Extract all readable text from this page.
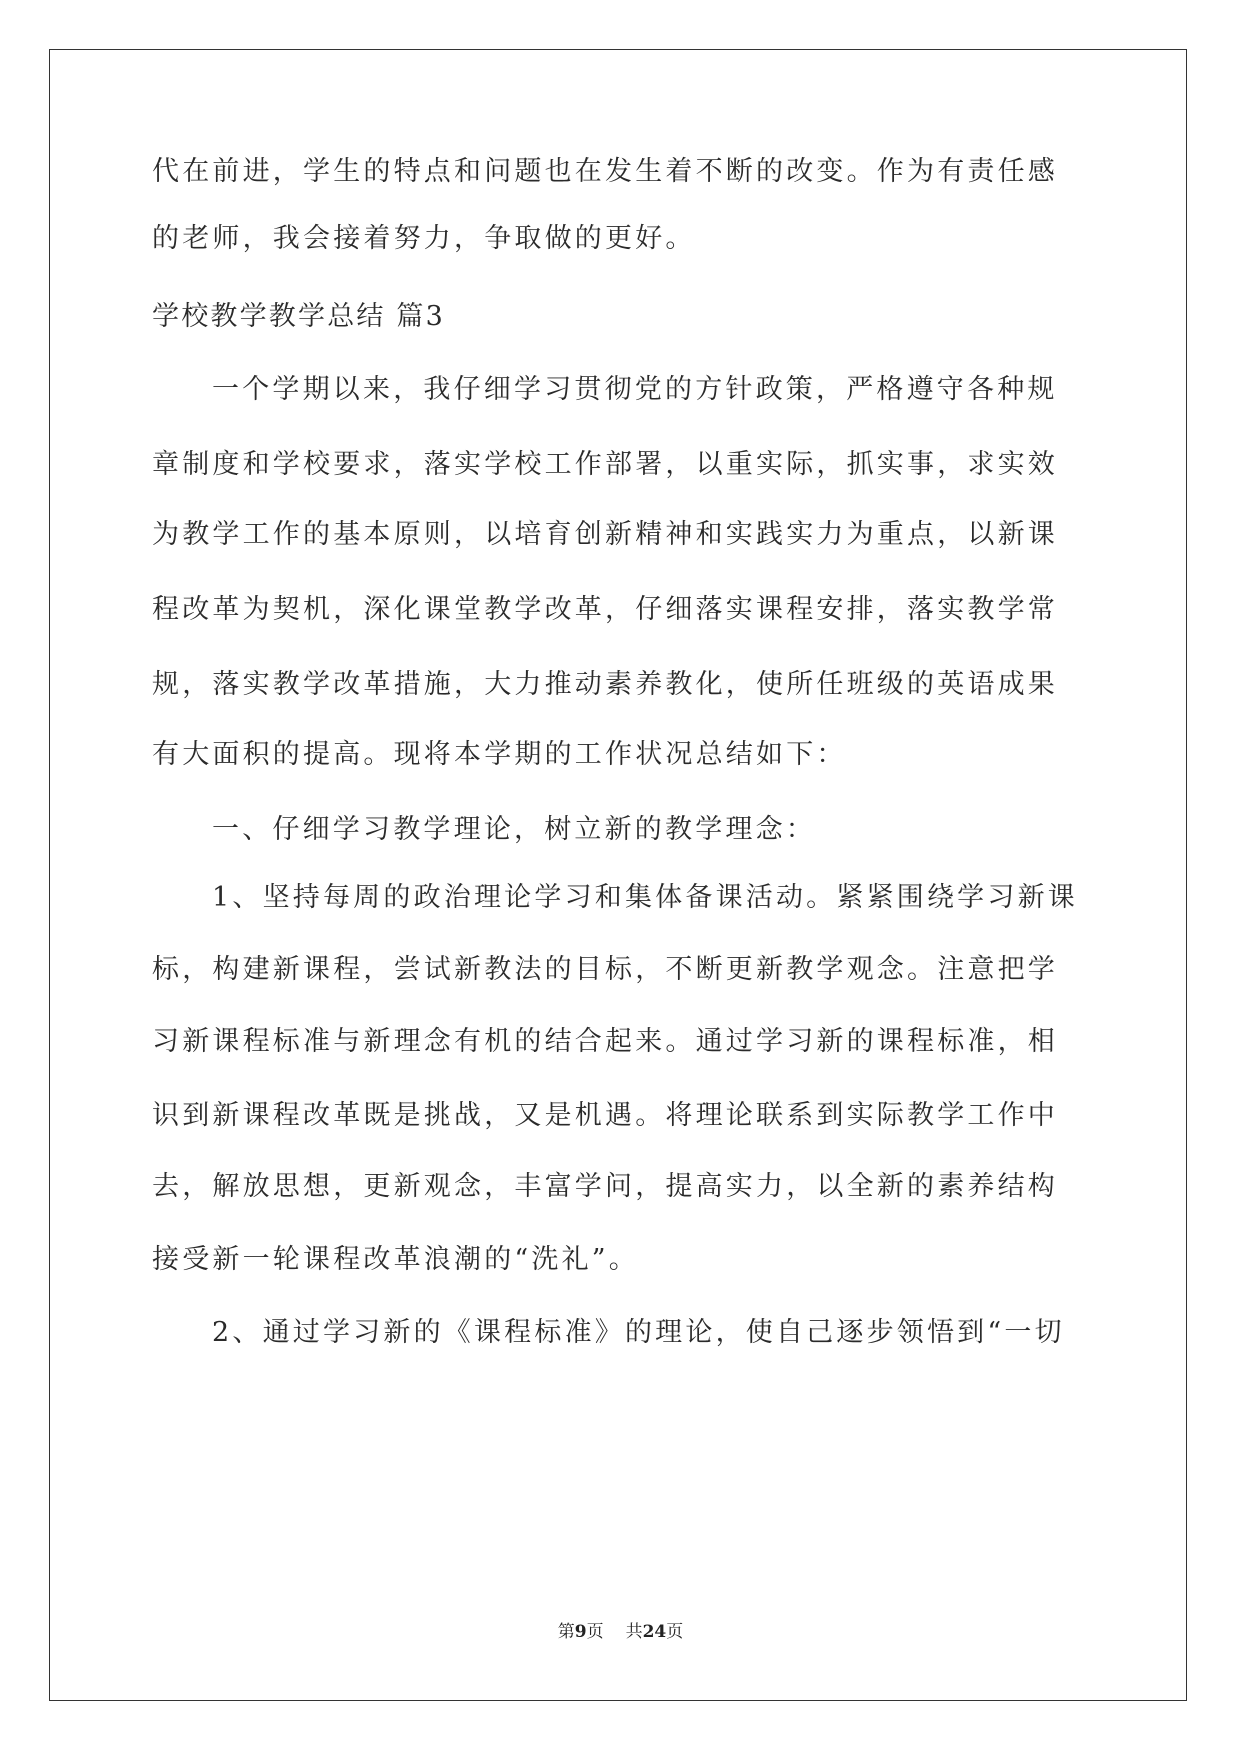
代在前进，学生的特点和问题也在发生着不断的改变。作为有责任感
的老师，我会接着努力，争取做的更好。
学校教学教学总结 篇3
一个学期以来，我仔细学习贯彻党的方针政策，严格遵守各种规
章制度和学校要求，落实学校工作部署，以重实际，抓实事，求实效
为教学工作的基本原则，以培育创新精神和实践实力为重点，以新课
程改革为契机，深化课堂教学改革，仔细落实课程安排，落实教学常
规，落实教学改革措施，大力推动素养教化，使所任班级的英语成果
有大面积的提高。现将本学期的工作状况总结如下：
一、仔细学习教学理论，树立新的教学理念：
1、坚持每周的政治理论学习和集体备课活动。紧紧围绕学习新课
标，构建新课程，尝试新教法的目标，不断更新教学观念。注意把学
习新课程标准与新理念有机的结合起来。通过学习新的课程标准，相
识到新课程改革既是挑战，又是机遇。将理论联系到实际教学工作中
去，解放思想，更新观念，丰富学问，提高实力，以全新的素养结构
接受新一轮课程改革浪潮的“洗礼”。
2、通过学习新的《课程标准》的理论，使自己逐步领悟到“一切
第9页 共24页
